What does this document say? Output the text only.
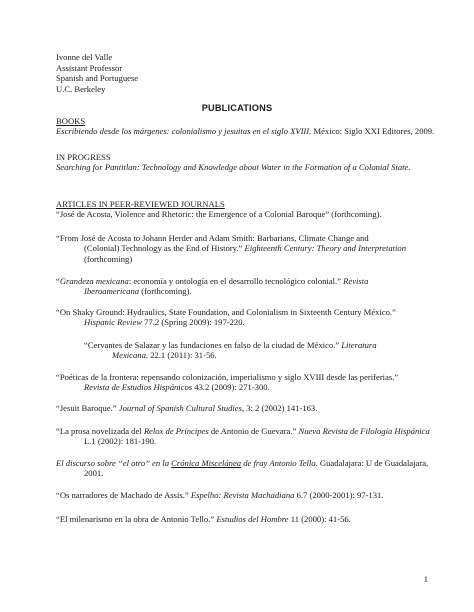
Ivonne del Valle
Assistant Professor
Spanish and Portuguese
U.C. Berkeley
PUBLICATIONS
BOOKS
Escribiendo desde los márgenes: colonialismo y jesuitas en el siglo XVIII. México: Siglo XXI Editores, 2009.
IN PROGRESS
Searching for Pantitlan: Technology and Knowledge about Water in the Formation of a Colonial State.
ARTICLES IN PEER-REVIEWED JOURNALS
“José de Acosta, Violence and Rhetoric: the Emergence of a Colonial Baroque” (forthcoming).
“From José de Acosta to Johann Herder and Adam Smith: Barbarians, Climate Change and
(Colonial) Technology as the End of History.” Eighteenth Century: Theory and Interpretation
(forthcoming)
“Grandeza mexicana: economía y ontología en el desarrollo tecnológico colonial.” Revista
Iberoamericana (forthcoming).
“On Shaky Ground: Hydraulics, State Foundation, and Colonialism in Sixteenth Century México.”
Hispanic Review 77.2 (Spring 2009): 197-220.
“Cervantes de Salazar y las fundaciones en falso de la ciudad de México.” Literatura
Mexicana. 22.1 (2011): 31-56.
“Poéticas de la frontera: repensando colonización, imperialismo y siglo XVIII desde las periferias.”
Revista de Estudios Hispánicos 43.2 (2009): 271-300.
“Jesuit Baroque.” Journal of Spanish Cultural Studies, 3: 2 (2002) 141-163.
“La prosa novelizada del Relox de Príncipes de Antonio de Guevara.” Nueva Revista de Filología Hispánica
L.1 (2002): 181-190.
El discurso sobre “el otro” en la Crónica Miscelánea de fray Antonio Tello. Guadalajara: U de Guadalajara,
2001.
“Os narradores de Machado de Assis.” Espelho: Revista Machadiana 6.7 (2000-2001): 97-131.
“El milenarismo en la obra de Antonio Tello.” Estudios del Hombre 11 (2000): 41-56.
1
